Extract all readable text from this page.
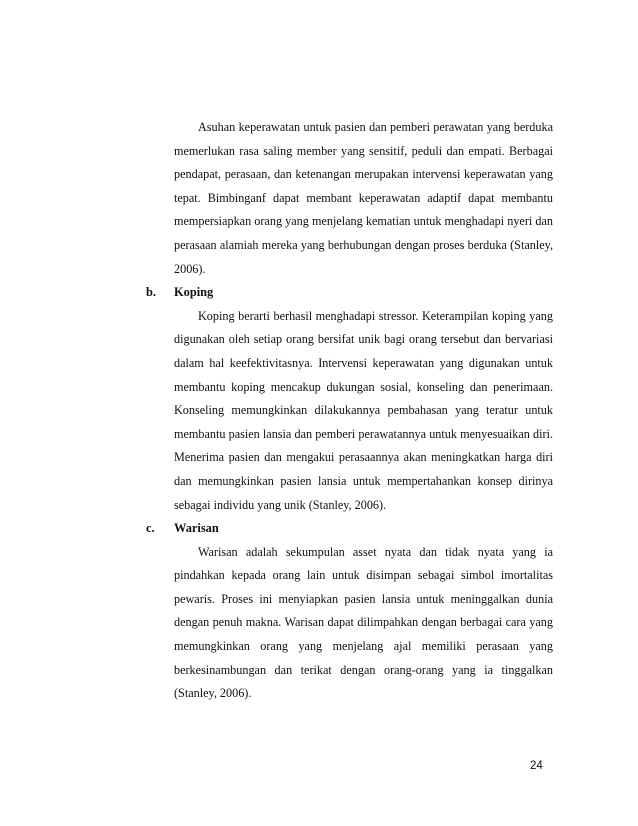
Asuhan keperawatan untuk pasien dan pemberi perawatan yang berduka memerlukan rasa saling member yang sensitif, peduli dan empati. Berbagai pendapat, perasaan, dan ketenangan merupakan intervensi keperawatan yang tepat. Bimbinganf dapat membant keperawatan adaptif dapat membantu mempersiapkan orang yang menjelang kematian untuk menghadapi nyeri dan perasaan alamiah mereka yang berhubungan dengan proses berduka (Stanley, 2006).

b. Koping

Koping berarti berhasil menghadapi stressor. Keterampilan koping yang digunakan oleh setiap orang bersifat unik bagi orang tersebut dan bervariasi dalam hal keefektivitasnya. Intervensi keperawatan yang digunakan untuk membantu koping mencakup dukungan sosial, konseling dan penerimaan. Konseling memungkinkan dilakukannya pembahasan yang teratur untuk membantu pasien lansia dan pemberi perawatannya untuk menyesuaikan diri. Menerima pasien dan mengakui perasaannya akan meningkatkan harga diri dan memungkinkan pasien lansia untuk mempertahankan konsep dirinya sebagai individu yang unik (Stanley, 2006).

c. Warisan

Warisan adalah sekumpulan asset nyata dan tidak nyata yang ia pindahkan kepada orang lain untuk disimpan sebagai simbol imortalitas pewaris. Proses ini menyiapkan pasien lansia untuk meninggalkan dunia dengan penuh makna. Warisan dapat dilimpahkan dengan berbagai cara yang memungkinkan orang yang menjelang ajal memiliki perasaan yang berkesinambungan dan terikat dengan orang-orang yang ia tinggalkan (Stanley, 2006).

24
